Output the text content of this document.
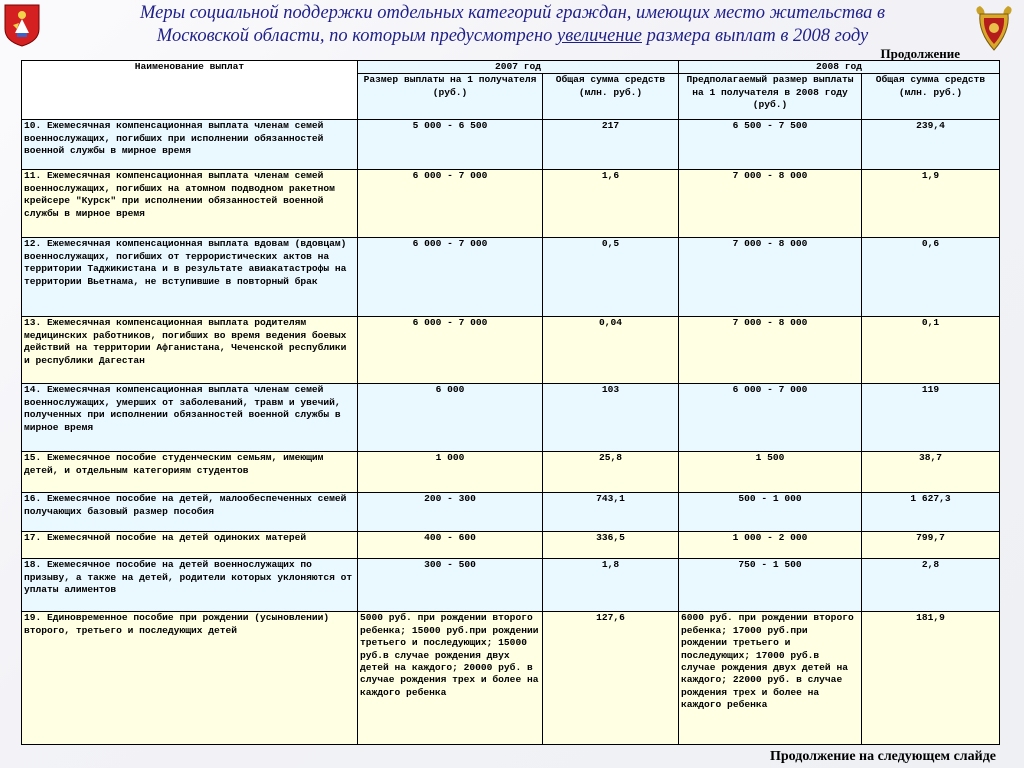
Меры социальной поддержки отдельных категорий граждан, имеющих место жительства в
Московской области, по которым предусмотрено увеличение размера выплат в 2008 году
Продолжение
Наименование выплат	2007 год		2008 год	
	Размер выплаты на 1 получателя (руб.)	Общая сумма средств (млн. руб.)	Предполагаемый размер выплаты на 1 получателя в 2008 году (руб.)	Общая сумма средств (млн. руб.)
10. Ежемесячная компенсационная выплата членам семей военнослужащих, погибших при исполнении обязанностей военной службы в мирное время	5 000 - 6 500	217	6 500 - 7 500	239,4
11. Ежемесячная компенсационная выплата членам семей военнослужащих, погибших на атомном подводном ракетном крейсере "Курск" при исполнении обязанностей военной службы в мирное время	6 000 - 7 000	1,6	7 000 - 8 000	1,9
12. Ежемесячная компенсационная выплата вдовам (вдовцам) военнослужащих, погибших от террористических актов на территории Таджикистана и в результате авиакатастрофы на территории Вьетнама, не вступившие в повторный брак	6 000 - 7 000	0,5	7 000 - 8 000	0,6
13. Ежемесячная компенсационная выплата родителям медицинских работников, погибших во время ведения боевых действий на территории Афганистана, Чеченской республики и республики Дагестан	6 000 - 7 000	0,04	7 000 - 8 000	0,1
14. Ежемесячная компенсационная выплата членам семей военнослужащих, умерших от заболеваний, травм и увечий, полученных при исполнении обязанностей военной службы в мирное время	6 000	103	6 000 - 7 000	119
15. Ежемесячное пособие студенческим семьям, имеющим детей, и отдельным категориям студентов	1 000	25,8	1 500	38,7
16. Ежемесячное пособие на детей, малообеспеченных семей получающих базовый размер пособия	200 - 300	743,1	500 - 1 000	1 627,3
17. Ежемесячной пособие на детей одиноких матерей	400 - 600	336,5	1 000 - 2 000	799,7
18. Ежемесячное пособие на детей военнослужащих по призыву, а также на детей, родители которых уклоняются от уплаты алиментов	300 - 500	1,8	750 - 1 500	2,8
19. Единовременное пособие при рождении (усыновлении) второго, третьего и последующих детей	5000 руб. при рождении второго ребенка; 15000 руб.при рождении третьего и последующих; 15000 руб.в случае рождения двух детей на каждого; 20000 руб. в случае рождения трех и более на каждого ребенка	127,6	6000 руб. при рождении второго ребенка; 17000 руб.при рождении третьего и последующих; 17000 руб.в случае рождения двух детей на каждого; 22000 руб. в случае рождения трех и более на каждого ребенка	181,9
Продолжение на следующем слайде
